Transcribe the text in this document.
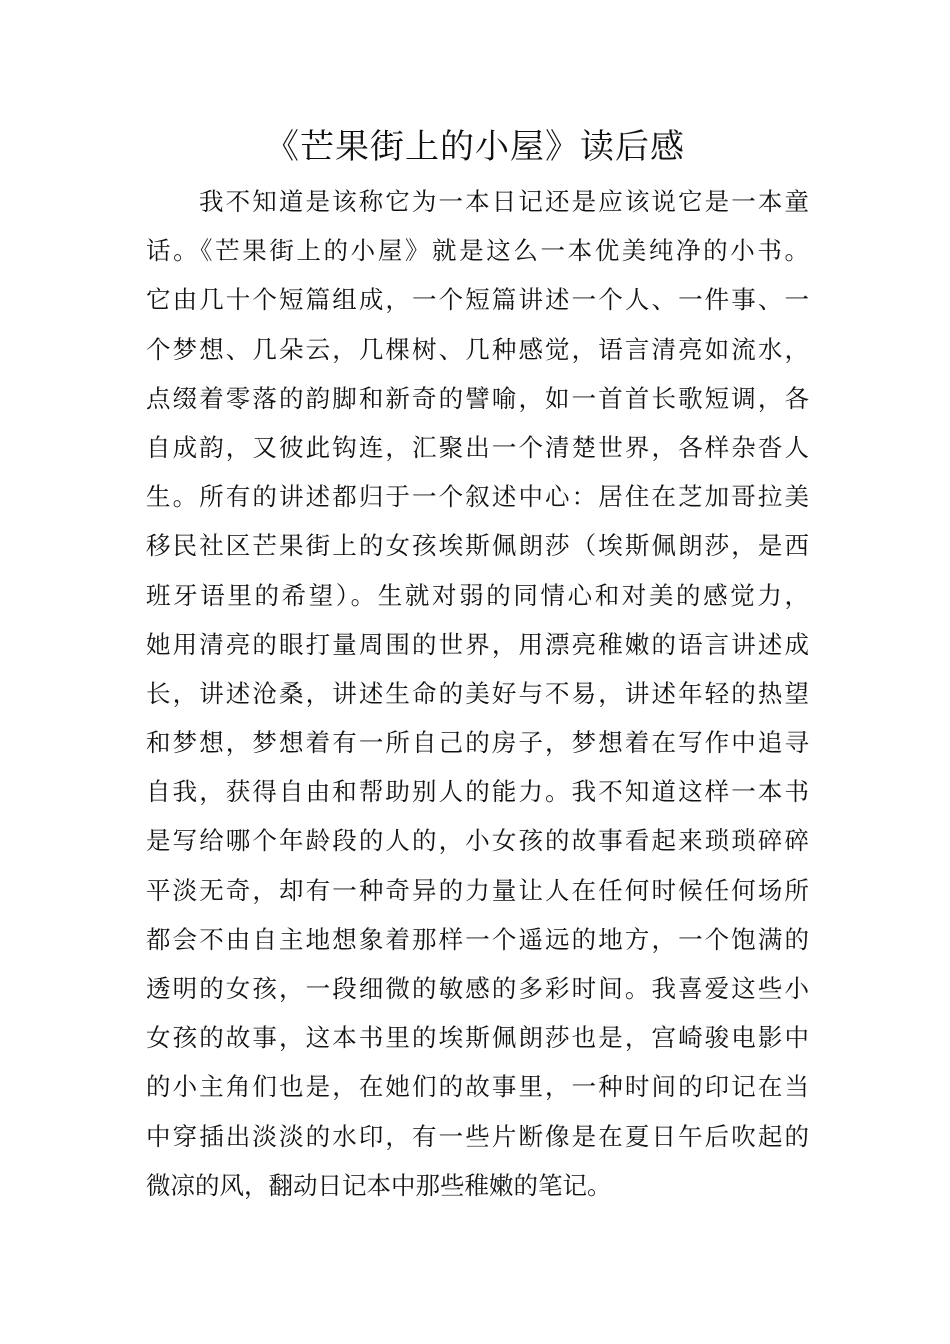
《芒果街上的小屋》读后感
我不知道是该称它为一本日记还是应该说它是一本童
话。《芒果街上的小屋》就是这么一本优美纯净的小书。
它由几十个短篇组成，一个短篇讲述一个人、一件事、一
个梦想、几朵云，几棵树、几种感觉，语言清亮如流水，
点缀着零落的韵脚和新奇的譬喻，如一首首长歌短调，各
自成韵，又彼此钩连，汇聚出一个清楚世界，各样杂沓人
生。所有的讲述都归于一个叙述中心：居住在芝加哥拉美
移民社区芒果街上的女孩埃斯佩朗莎（埃斯佩朗莎，是西
班牙语里的希望）。生就对弱的同情心和对美的感觉力，
她用清亮的眼打量周围的世界，用漂亮稚嫩的语言讲述成
长，讲述沧桑，讲述生命的美好与不易，讲述年轻的热望
和梦想，梦想着有一所自己的房子，梦想着在写作中追寻
自我，获得自由和帮助别人的能力。我不知道这样一本书
是写给哪个年龄段的人的，小女孩的故事看起来琐琐碎碎
平淡无奇，却有一种奇异的力量让人在任何时候任何场所
都会不由自主地想象着那样一个遥远的地方，一个饱满的
透明的女孩，一段细微的敏感的多彩时间。我喜爱这些小
女孩的故事，这本书里的埃斯佩朗莎也是，宫崎骏电影中
的小主角们也是，在她们的故事里，一种时间的印记在当
中穿插出淡淡的水印，有一些片断像是在夏日午后吹起的
微凉的风，翻动日记本中那些稚嫩的笔记。
